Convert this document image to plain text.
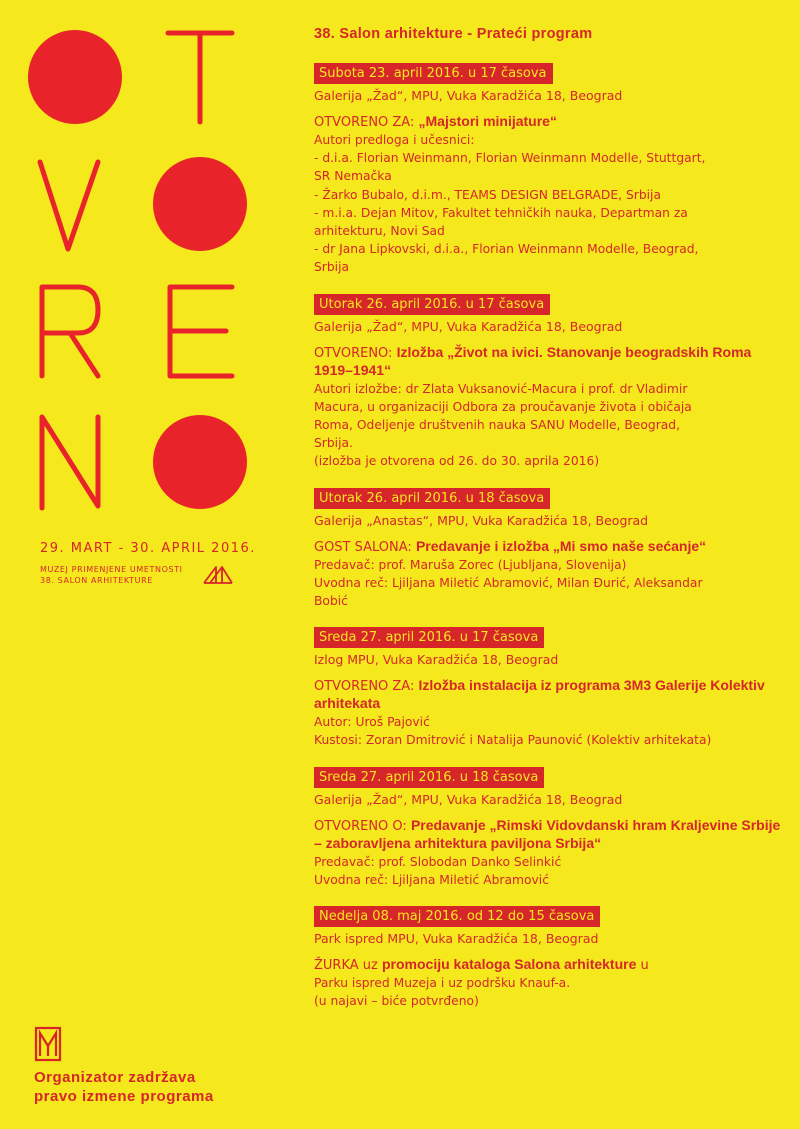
29. MART - 30. APRIL 2016.
MUZEJ PRIMENJENE UMETNOSTI
38. SALON ARHITEKTURE
Organizator zadržava
pravo izmene programa
38. Salon arhitekture - Prateći program
Subota 23. april 2016. u 17 časova
Galerija „Žad“, MPU, Vuka Karadžića 18, Beograd
OTVORENO ZA: „Majstori minijature“
Autori predloga i učesnici:
- d.i.a. Florian Weinmann, Florian Weinmann Modelle, Stuttgart,
SR Nemačka
- Žarko Bubalo, d.i.m., TEAMS DESIGN BELGRADE, Srbija
- m.i.a. Dejan Mitov, Fakultet tehničkih nauka, Departman za
arhitekturu, Novi Sad
- dr Jana Lipkovski, d.i.a., Florian Weinmann Modelle, Beograd,
Srbija
Utorak 26. april 2016. u 17 časova
Galerija „Žad“, MPU, Vuka Karadžića 18, Beograd
OTVORENO: Izložba „Život na ivici. Stanovanje beogradskih Roma 1919–1941“
Autori izložbe: dr Zlata Vuksanović-Macura i prof. dr Vladimir
Macura, u organizaciji Odbora za proučavanje života i običaja
Roma, Odeljenje društvenih nauka SANU Modelle, Beograd,
Srbija.
(izložba je otvorena od 26. do 30. aprila 2016)
Utorak 26. april 2016. u 18 časova
Galerija „Anastas“, MPU, Vuka Karadžića 18, Beograd
GOST SALONA: Predavanje i izložba „Mi smo naše sećanje“
Predavač: prof. Maruša Zorec (Ljubljana, Slovenija)
Uvodna reč: Ljiljana Miletić Abramović, Milan Đurić, Aleksandar
Bobić
Sreda 27. april 2016. u 17 časova
Izlog MPU, Vuka Karadžića 18, Beograd
OTVORENO ZA: Izložba instalacija iz programa 3M3 Galerije Kolektiv arhitekata
Autor: Uroš Pajović
Kustosi: Zoran Dmitrović i Natalija Paunović (Kolektiv arhitekata)
Sreda 27. april 2016. u 18 časova
Galerija „Žad“, MPU, Vuka Karadžića 18, Beograd
OTVORENO O: Predavanje „Rimski Vidovdanski hram Kraljevine Srbije – zaboravljena arhitektura paviljona Srbija“
Predavač: prof. Slobodan Danko Selinkić
Uvodna reč: Ljiljana Miletić Abramović
Nedelja 08. maj 2016. od 12 do 15 časova
Park ispred MPU, Vuka Karadžića 18, Beograd
ŽURKA uz promociju kataloga Salona arhitekture u
Parku ispred Muzeja i uz podršku Knauf-a.
(u najavi – biće potvrđeno)
